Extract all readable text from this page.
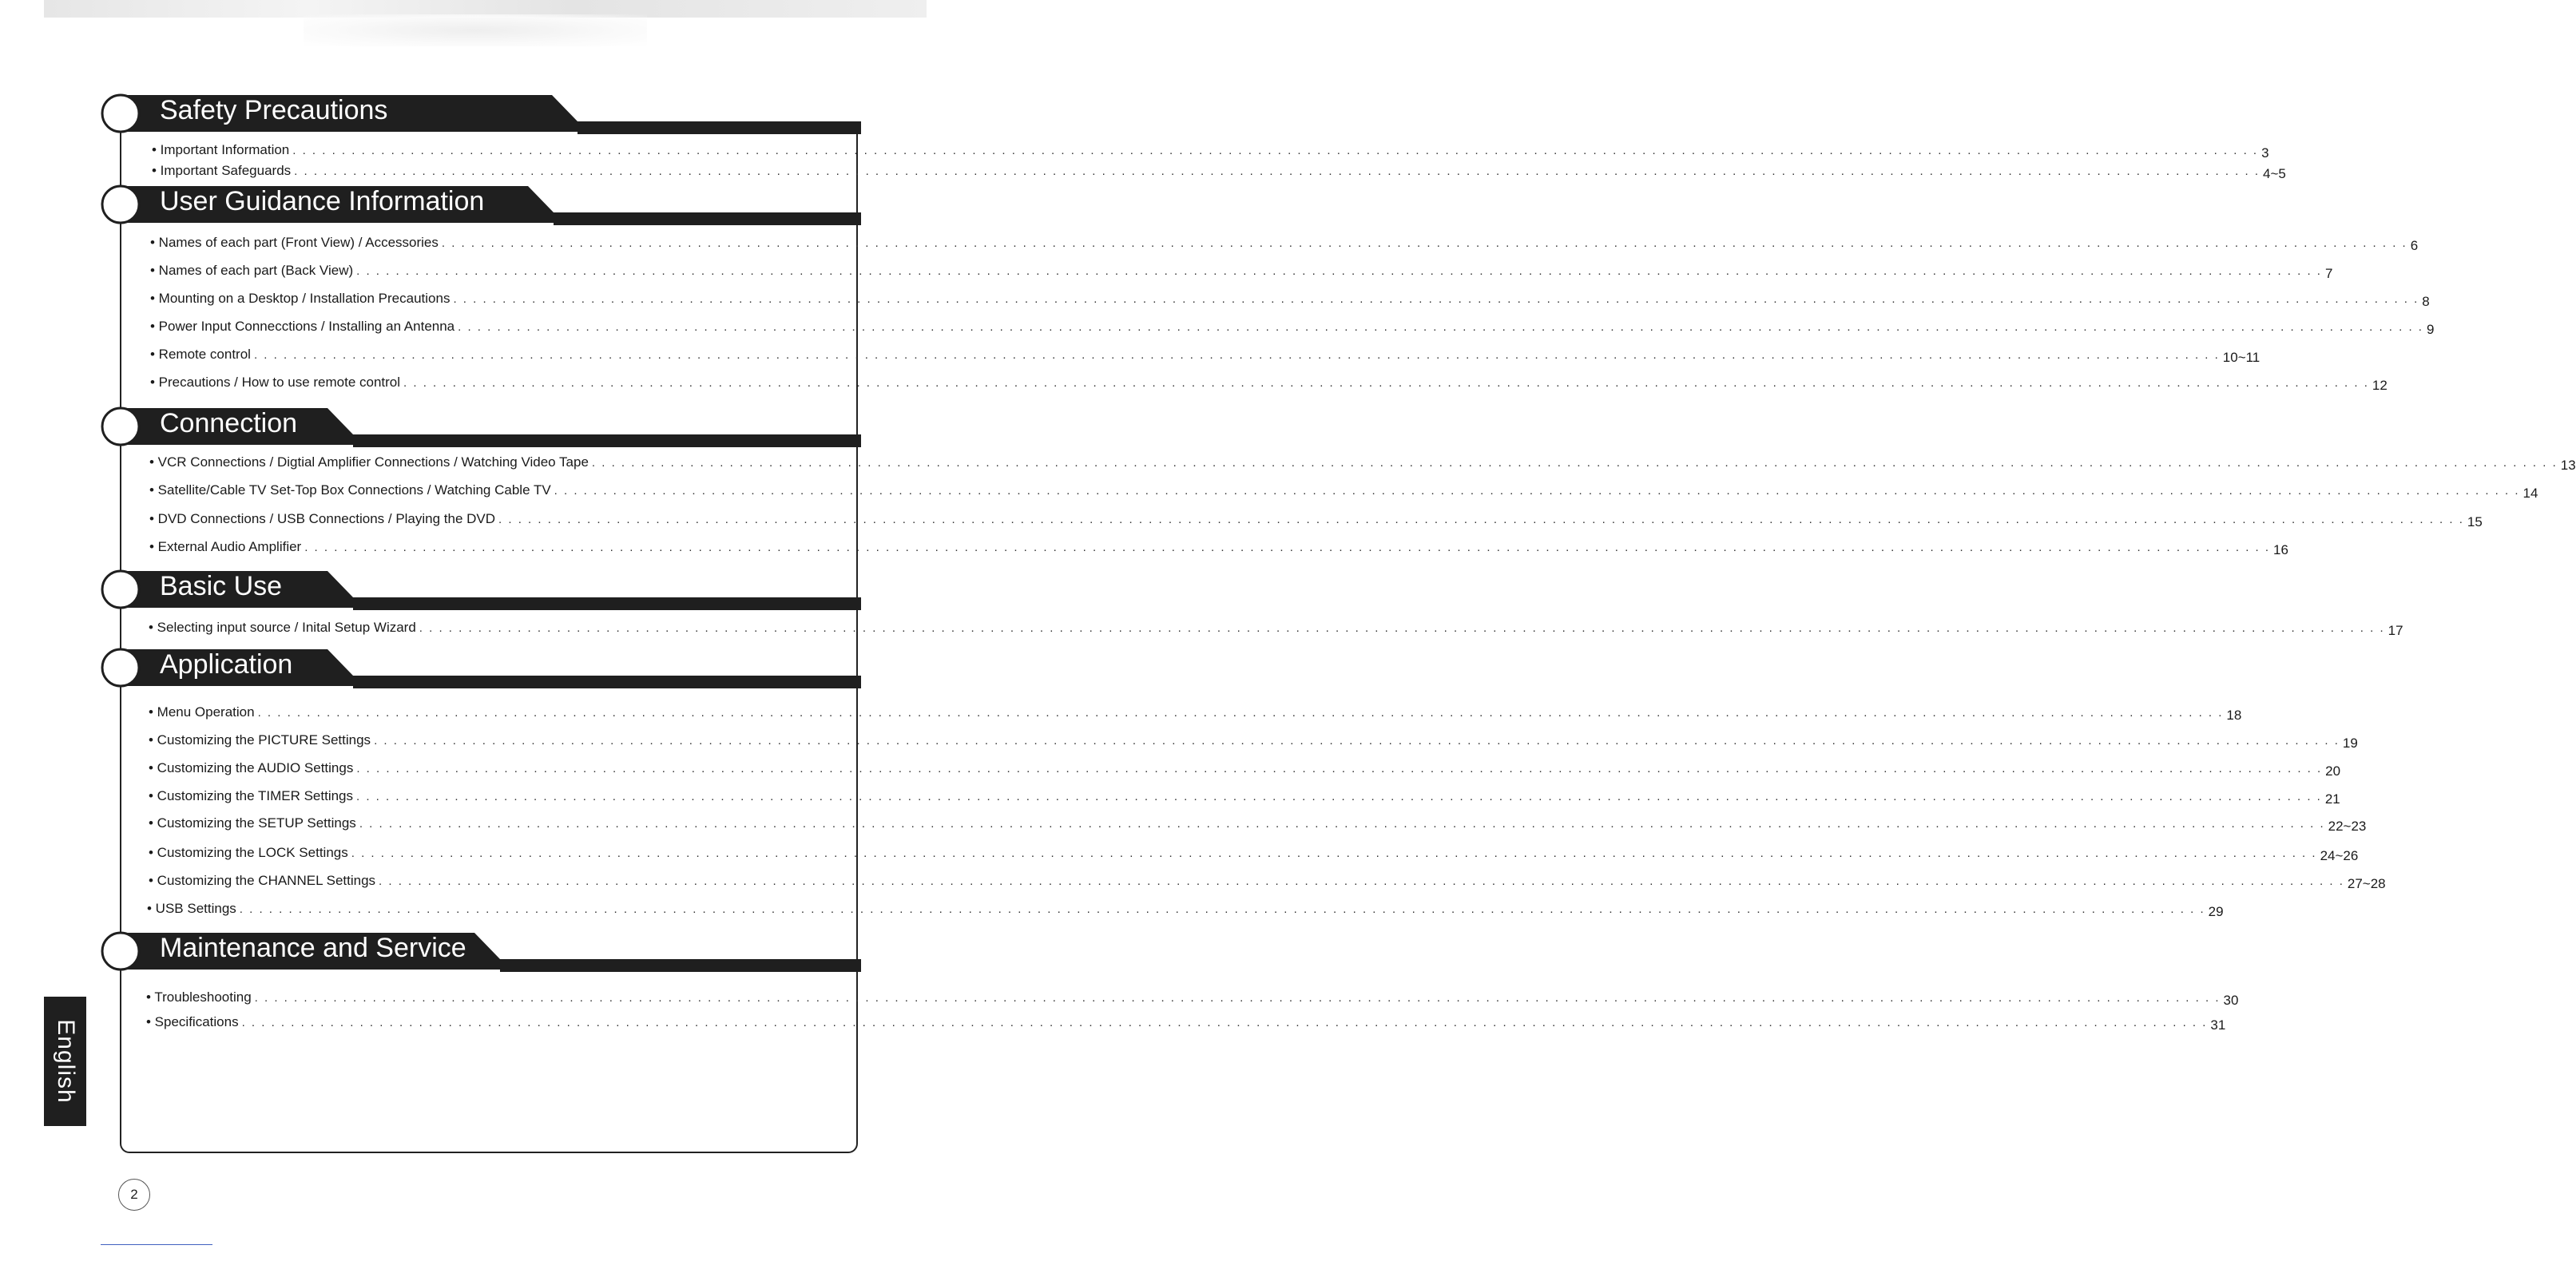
Safety Precautions
User Guidance Information
Connection
Basic Use
Application
Maintenance and Service
• Important Information . . . . . . . . . . . . . . . . . . . . . . . . . . . . . . . . . . . . . . . . . . . . . . . . . . . . . . . . . . . . . . . . . . . . . . . . . . . . . . . . . . . . . . . . . . . . . . . . . . . . . . . . . . . . . . . . . . . . . . . . . . . . . . . . . . . . . . . . . . . . . . . . . . . . . . . . . . . . . . . . . . . . . . . . . . . . . . . . . . . . . . . . . . . . . . . . . . . . . . . . 3
• Important Safeguards . . . . . . . . . . . . . . . . . . . . . . . . . . . . . . . . . . . . . . . . . . . . . . . . . . . . . . . . . . . . . . . . . . . . . . . . . . . . . . . . . . . . . . . . . . . . . . . . . . . . . . . . . . . . . . . . . . . . . . . . . . . . . . . . . . . . . . . . . . . . . . . . . . . . . . . . . . . . . . . . . . . . . . . . . . . . . . . . . . . . . . . . . . . . . . . . . . . . . . . . 4~5
• Names of each part (Front View) / Accessories . . . . . . . . . . . . . . . . . . . . . . . . . . . . . . . . . . . . . . . . . . . . . . . . . . . . . . . . . . . . . . . . . . . . . . . . . . . . . . . . . . . . . . . . . . . . . . . . . . . . . . . . . . . . . . . . . . . . . . . . . . . . . . . . . . . . . . . . . . . . . . . . . . . . . . . . . . . . . . . . . . . . . . . . . . . . . . . . . . . . . . . . . . . . . . . . . . . . . . . . 6
• Names of each part (Back View) . . . . . . . . . . . . . . . . . . . . . . . . . . . . . . . . . . . . . . . . . . . . . . . . . . . . . . . . . . . . . . . . . . . . . . . . . . . . . . . . . . . . . . . . . . . . . . . . . . . . . . . . . . . . . . . . . . . . . . . . . . . . . . . . . . . . . . . . . . . . . . . . . . . . . . . . . . . . . . . . . . . . . . . . . . . . . . . . . . . . . . . . . . . . . . . . . . . . . . . . 7
• Mounting on a Desktop / Installation Precautions . . . . . . . . . . . . . . . . . . . . . . . . . . . . . . . . . . . . . . . . . . . . . . . . . . . . . . . . . . . . . . . . . . . . . . . . . . . . . . . . . . . . . . . . . . . . . . . . . . . . . . . . . . . . . . . . . . . . . . . . . . . . . . . . . . . . . . . . . . . . . . . . . . . . . . . . . . . . . . . . . . . . . . . . . . . . . . . . . . . . . . . . . . . . . . . . . . . . . . . . 8
• Power Input Connecctions / Installing an Antenna . . . . . . . . . . . . . . . . . . . . . . . . . . . . . . . . . . . . . . . . . . . . . . . . . . . . . . . . . . . . . . . . . . . . . . . . . . . . . . . . . . . . . . . . . . . . . . . . . . . . . . . . . . . . . . . . . . . . . . . . . . . . . . . . . . . . . . . . . . . . . . . . . . . . . . . . . . . . . . . . . . . . . . . . . . . . . . . . . . . . . . . . . . . . . . . . . . . . . . . . 9
• Remote control . . . . . . . . . . . . . . . . . . . . . . . . . . . . . . . . . . . . . . . . . . . . . . . . . . . . . . . . . . . . . . . . . . . . . . . . . . . . . . . . . . . . . . . . . . . . . . . . . . . . . . . . . . . . . . . . . . . . . . . . . . . . . . . . . . . . . . . . . . . . . . . . . . . . . . . . . . . . . . . . . . . . . . . . . . . . . . . . . . . . . . . . . . . . . . . . . . . . . . . . 10~11
• Precautions / How to use remote control . . . . . . . . . . . . . . . . . . . . . . . . . . . . . . . . . . . . . . . . . . . . . . . . . . . . . . . . . . . . . . . . . . . . . . . . . . . . . . . . . . . . . . . . . . . . . . . . . . . . . . . . . . . . . . . . . . . . . . . . . . . . . . . . . . . . . . . . . . . . . . . . . . . . . . . . . . . . . . . . . . . . . . . . . . . . . . . . . . . . . . . . . . . . . . . . . . . . . . . . 12
• VCR Connections / Digtial Amplifier Connections / Watching Video Tape . . . . . . . . . . . . . . . . . . . . . . . . . . . . . . . . . . . . . . . . . . . . . . . . . . . . . . . . . . . . . . . . . . . . . . . . . . . . . . . . . . . . . . . . . . . . . . . . . . . . . . . . . . . . . . . . . . . . . . . . . . . . . . . . . . . . . . . . . . . . . . . . . . . . . . . . . . . . . . . . . . . . . . . . . . . . . . . . . . . . . . . . . . . . . . . . . . . . . . . . 13
• Satellite/Cable TV Set-Top Box Connections / Watching Cable TV . . . . . . . . . . . . . . . . . . . . . . . . . . . . . . . . . . . . . . . . . . . . . . . . . . . . . . . . . . . . . . . . . . . . . . . . . . . . . . . . . . . . . . . . . . . . . . . . . . . . . . . . . . . . . . . . . . . . . . . . . . . . . . . . . . . . . . . . . . . . . . . . . . . . . . . . . . . . . . . . . . . . . . . . . . . . . . . . . . . . . . . . . . . . . . . . . . . . . . . . 14
• DVD Connections / USB Connections / Playing the DVD . . . . . . . . . . . . . . . . . . . . . . . . . . . . . . . . . . . . . . . . . . . . . . . . . . . . . . . . . . . . . . . . . . . . . . . . . . . . . . . . . . . . . . . . . . . . . . . . . . . . . . . . . . . . . . . . . . . . . . . . . . . . . . . . . . . . . . . . . . . . . . . . . . . . . . . . . . . . . . . . . . . . . . . . . . . . . . . . . . . . . . . . . . . . . . . . . . . . . . . . 15
• External Audio Amplifier . . . . . . . . . . . . . . . . . . . . . . . . . . . . . . . . . . . . . . . . . . . . . . . . . . . . . . . . . . . . . . . . . . . . . . . . . . . . . . . . . . . . . . . . . . . . . . . . . . . . . . . . . . . . . . . . . . . . . . . . . . . . . . . . . . . . . . . . . . . . . . . . . . . . . . . . . . . . . . . . . . . . . . . . . . . . . . . . . . . . . . . . . . . . . . . . . . . . . . . . 16
• Selecting input source / Inital Setup Wizard . . . . . . . . . . . . . . . . . . . . . . . . . . . . . . . . . . . . . . . . . . . . . . . . . . . . . . . . . . . . . . . . . . . . . . . . . . . . . . . . . . . . . . . . . . . . . . . . . . . . . . . . . . . . . . . . . . . . . . . . . . . . . . . . . . . . . . . . . . . . . . . . . . . . . . . . . . . . . . . . . . . . . . . . . . . . . . . . . . . . . . . . . . . . . . . . . . . . . . . . 17
• Menu Operation . . . . . . . . . . . . . . . . . . . . . . . . . . . . . . . . . . . . . . . . . . . . . . . . . . . . . . . . . . . . . . . . . . . . . . . . . . . . . . . . . . . . . . . . . . . . . . . . . . . . . . . . . . . . . . . . . . . . . . . . . . . . . . . . . . . . . . . . . . . . . . . . . . . . . . . . . . . . . . . . . . . . . . . . . . . . . . . . . . . . . . . . . . . . . . . . . . . . . . . . 18
• Customizing the PICTURE Settings . . . . . . . . . . . . . . . . . . . . . . . . . . . . . . . . . . . . . . . . . . . . . . . . . . . . . . . . . . . . . . . . . . . . . . . . . . . . . . . . . . . . . . . . . . . . . . . . . . . . . . . . . . . . . . . . . . . . . . . . . . . . . . . . . . . . . . . . . . . . . . . . . . . . . . . . . . . . . . . . . . . . . . . . . . . . . . . . . . . . . . . . . . . . . . . . . . . . . . . . 19
• Customizing the AUDIO Settings . . . . . . . . . . . . . . . . . . . . . . . . . . . . . . . . . . . . . . . . . . . . . . . . . . . . . . . . . . . . . . . . . . . . . . . . . . . . . . . . . . . . . . . . . . . . . . . . . . . . . . . . . . . . . . . . . . . . . . . . . . . . . . . . . . . . . . . . . . . . . . . . . . . . . . . . . . . . . . . . . . . . . . . . . . . . . . . . . . . . . . . . . . . . . . . . . . . . . . . . 20
• Customizing the TIMER Settings . . . . . . . . . . . . . . . . . . . . . . . . . . . . . . . . . . . . . . . . . . . . . . . . . . . . . . . . . . . . . . . . . . . . . . . . . . . . . . . . . . . . . . . . . . . . . . . . . . . . . . . . . . . . . . . . . . . . . . . . . . . . . . . . . . . . . . . . . . . . . . . . . . . . . . . . . . . . . . . . . . . . . . . . . . . . . . . . . . . . . . . . . . . . . . . . . . . . . . . . 21
• Customizing the SETUP Settings . . . . . . . . . . . . . . . . . . . . . . . . . . . . . . . . . . . . . . . . . . . . . . . . . . . . . . . . . . . . . . . . . . . . . . . . . . . . . . . . . . . . . . . . . . . . . . . . . . . . . . . . . . . . . . . . . . . . . . . . . . . . . . . . . . . . . . . . . . . . . . . . . . . . . . . . . . . . . . . . . . . . . . . . . . . . . . . . . . . . . . . . . . . . . . . . . . . . . . . . 22~23
• Customizing the LOCK Settings . . . . . . . . . . . . . . . . . . . . . . . . . . . . . . . . . . . . . . . . . . . . . . . . . . . . . . . . . . . . . . . . . . . . . . . . . . . . . . . . . . . . . . . . . . . . . . . . . . . . . . . . . . . . . . . . . . . . . . . . . . . . . . . . . . . . . . . . . . . . . . . . . . . . . . . . . . . . . . . . . . . . . . . . . . . . . . . . . . . . . . . . . . . . . . . . . . . . . . . . 24~26
• Customizing the CHANNEL Settings . . . . . . . . . . . . . . . . . . . . . . . . . . . . . . . . . . . . . . . . . . . . . . . . . . . . . . . . . . . . . . . . . . . . . . . . . . . . . . . . . . . . . . . . . . . . . . . . . . . . . . . . . . . . . . . . . . . . . . . . . . . . . . . . . . . . . . . . . . . . . . . . . . . . . . . . . . . . . . . . . . . . . . . . . . . . . . . . . . . . . . . . . . . . . . . . . . . . . . . . 27~28
• USB Settings . . . . . . . . . . . . . . . . . . . . . . . . . . . . . . . . . . . . . . . . . . . . . . . . . . . . . . . . . . . . . . . . . . . . . . . . . . . . . . . . . . . . . . . . . . . . . . . . . . . . . . . . . . . . . . . . . . . . . . . . . . . . . . . . . . . . . . . . . . . . . . . . . . . . . . . . . . . . . . . . . . . . . . . . . . . . . . . . . . . . . . . . . . . . . . . . . . . . . . . . 29
• Troubleshooting . . . . . . . . . . . . . . . . . . . . . . . . . . . . . . . . . . . . . . . . . . . . . . . . . . . . . . . . . . . . . . . . . . . . . . . . . . . . . . . . . . . . . . . . . . . . . . . . . . . . . . . . . . . . . . . . . . . . . . . . . . . . . . . . . . . . . . . . . . . . . . . . . . . . . . . . . . . . . . . . . . . . . . . . . . . . . . . . . . . . . . . . . . . . . . . . . . . . . . . . 30
• Specifications . . . . . . . . . . . . . . . . . . . . . . . . . . . . . . . . . . . . . . . . . . . . . . . . . . . . . . . . . . . . . . . . . . . . . . . . . . . . . . . . . . . . . . . . . . . . . . . . . . . . . . . . . . . . . . . . . . . . . . . . . . . . . . . . . . . . . . . . . . . . . . . . . . . . . . . . . . . . . . . . . . . . . . . . . . . . . . . . . . . . . . . . . . . . . . . . . . . . . . . . 31
English
2
